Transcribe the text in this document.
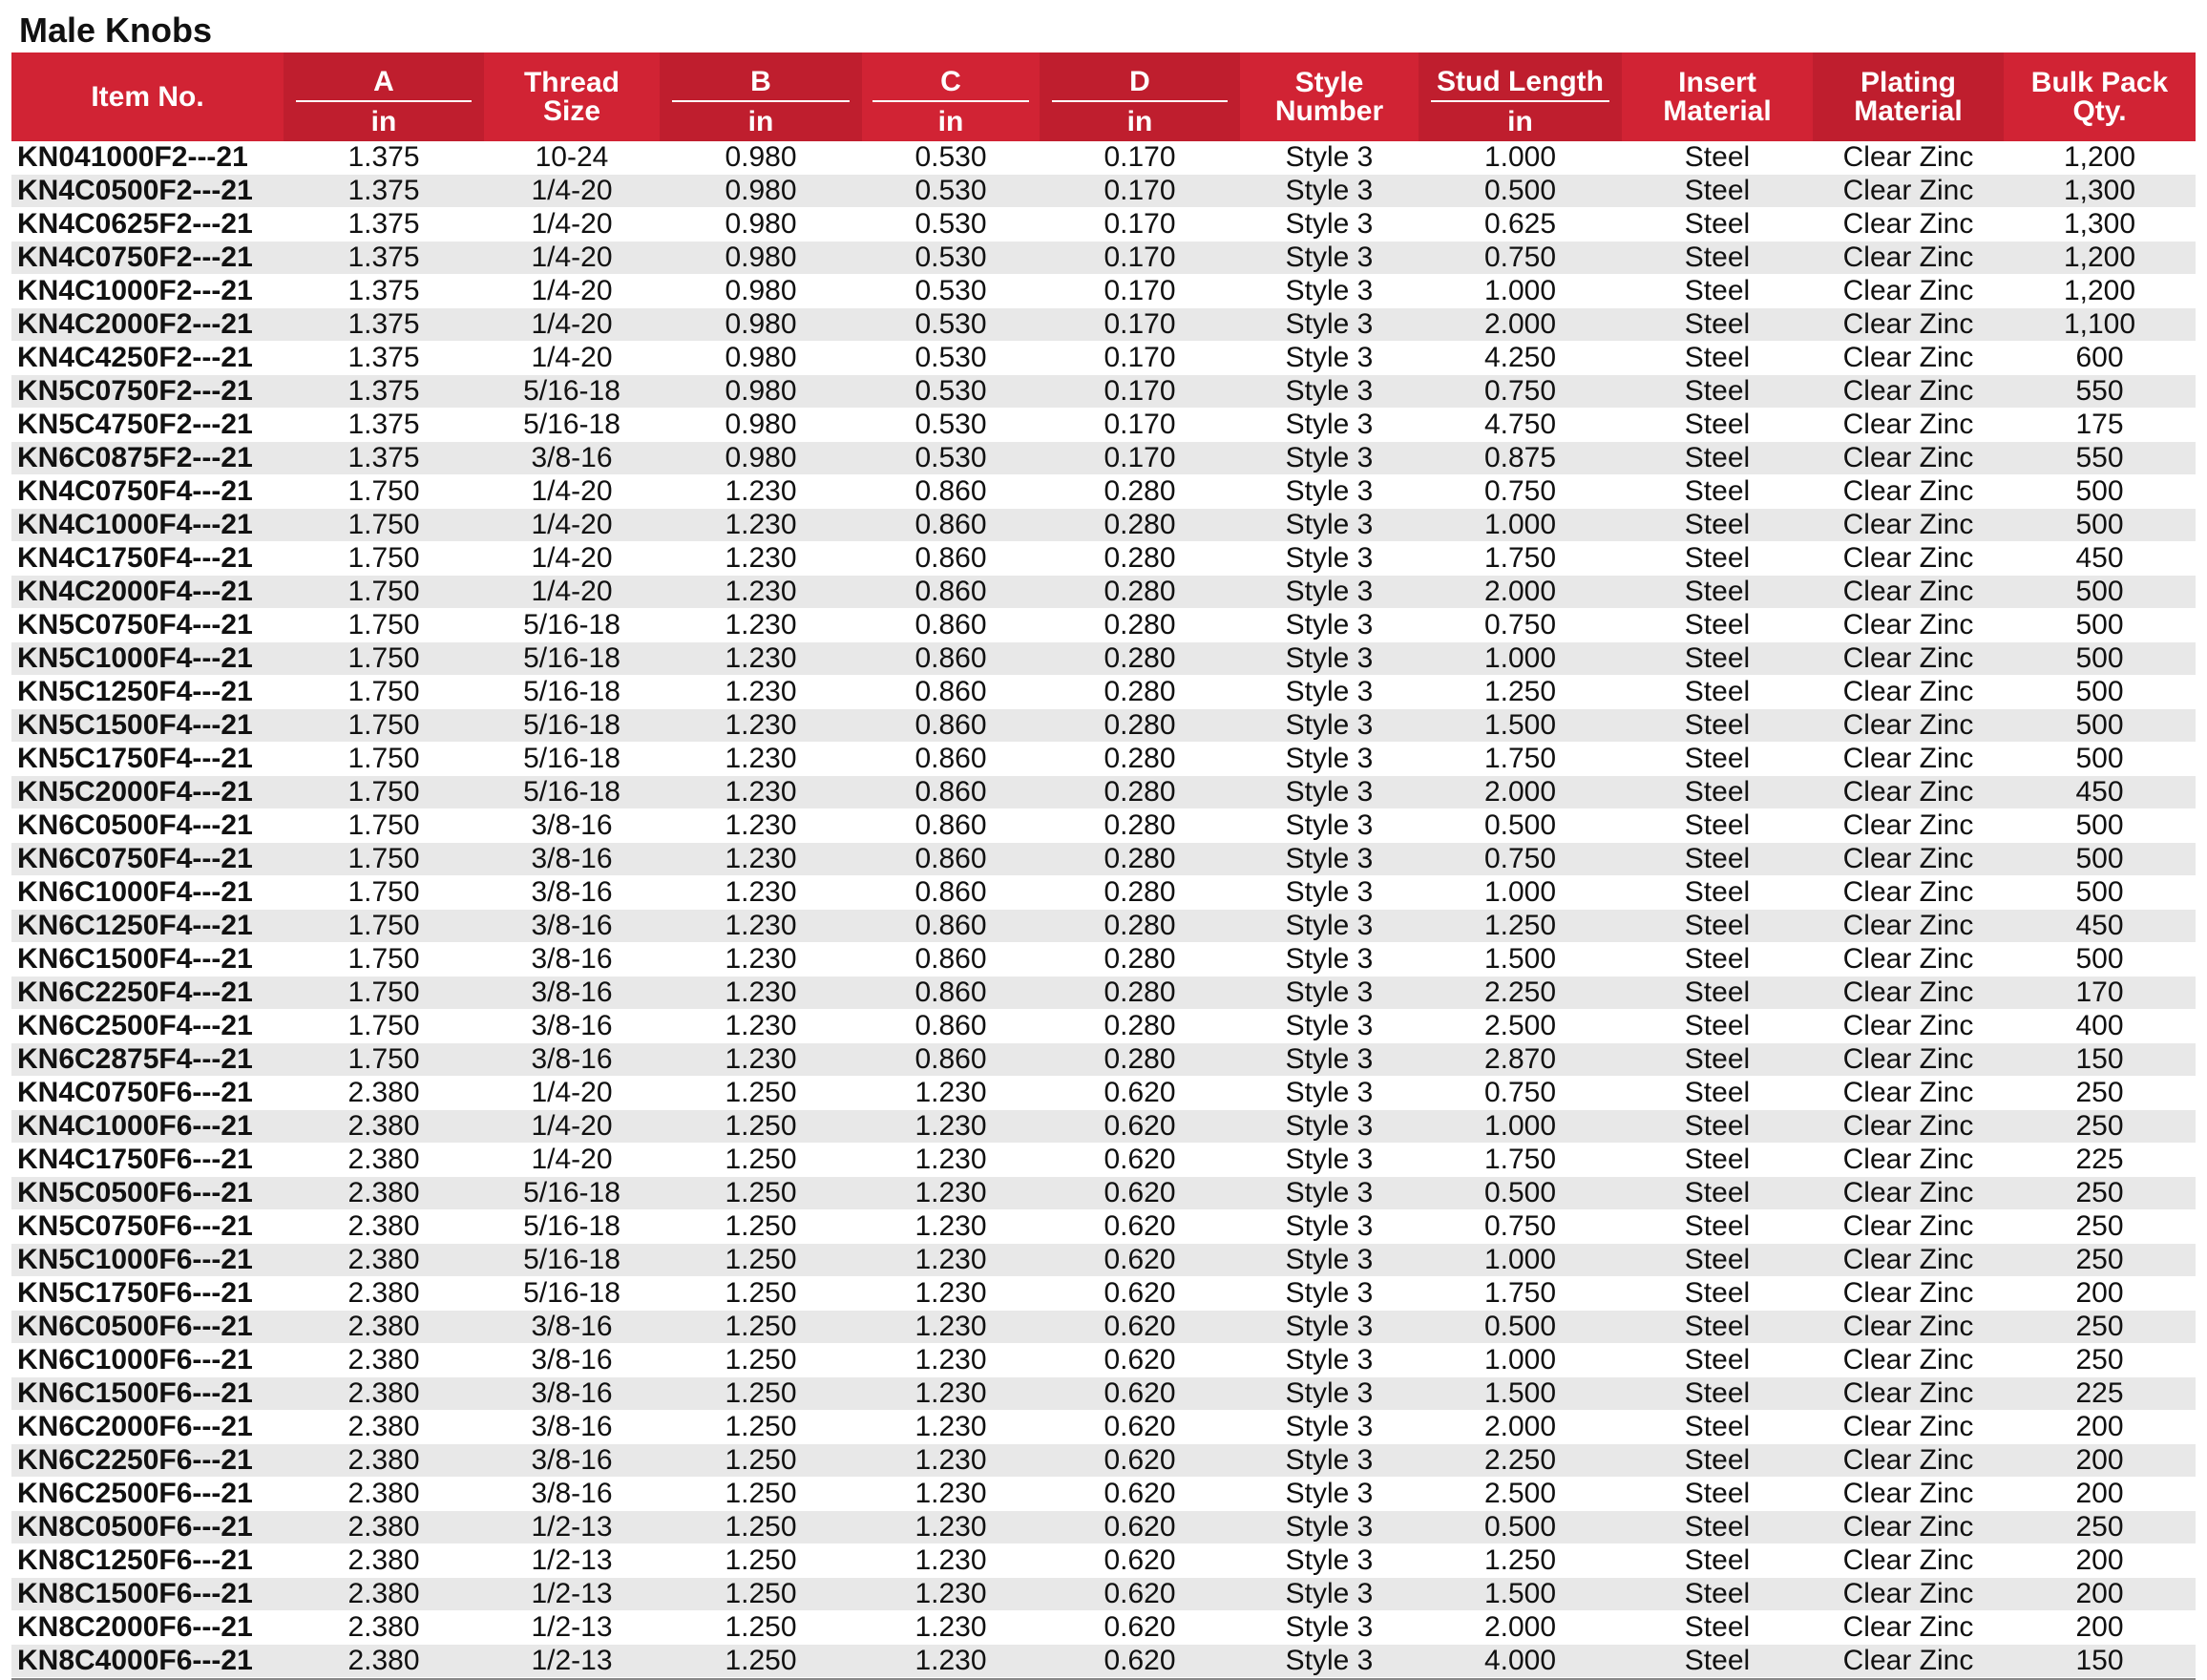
Male Knobs
Item No.	A	Thread Size	B	C	D	Style Number	Stud Length	Insert Material	Plating Material	Bulk Pack Qty.
	in		in	in	in		in			
KN041000F2---21	1.375	10-24	0.980	0.530	0.170	Style 3	1.000	Steel	Clear Zinc	1,200
KN4C0500F2---21	1.375	1/4-20	0.980	0.530	0.170	Style 3	0.500	Steel	Clear Zinc	1,300
KN4C0625F2---21	1.375	1/4-20	0.980	0.530	0.170	Style 3	0.625	Steel	Clear Zinc	1,300
KN4C0750F2---21	1.375	1/4-20	0.980	0.530	0.170	Style 3	0.750	Steel	Clear Zinc	1,200
KN4C1000F2---21	1.375	1/4-20	0.980	0.530	0.170	Style 3	1.000	Steel	Clear Zinc	1,200
KN4C2000F2---21	1.375	1/4-20	0.980	0.530	0.170	Style 3	2.000	Steel	Clear Zinc	1,100
KN4C4250F2---21	1.375	1/4-20	0.980	0.530	0.170	Style 3	4.250	Steel	Clear Zinc	600
KN5C0750F2---21	1.375	5/16-18	0.980	0.530	0.170	Style 3	0.750	Steel	Clear Zinc	550
KN5C4750F2---21	1.375	5/16-18	0.980	0.530	0.170	Style 3	4.750	Steel	Clear Zinc	175
KN6C0875F2---21	1.375	3/8-16	0.980	0.530	0.170	Style 3	0.875	Steel	Clear Zinc	550
KN4C0750F4---21	1.750	1/4-20	1.230	0.860	0.280	Style 3	0.750	Steel	Clear Zinc	500
KN4C1000F4---21	1.750	1/4-20	1.230	0.860	0.280	Style 3	1.000	Steel	Clear Zinc	500
KN4C1750F4---21	1.750	1/4-20	1.230	0.860	0.280	Style 3	1.750	Steel	Clear Zinc	450
KN4C2000F4---21	1.750	1/4-20	1.230	0.860	0.280	Style 3	2.000	Steel	Clear Zinc	500
KN5C0750F4---21	1.750	5/16-18	1.230	0.860	0.280	Style 3	0.750	Steel	Clear Zinc	500
KN5C1000F4---21	1.750	5/16-18	1.230	0.860	0.280	Style 3	1.000	Steel	Clear Zinc	500
KN5C1250F4---21	1.750	5/16-18	1.230	0.860	0.280	Style 3	1.250	Steel	Clear Zinc	500
KN5C1500F4---21	1.750	5/16-18	1.230	0.860	0.280	Style 3	1.500	Steel	Clear Zinc	500
KN5C1750F4---21	1.750	5/16-18	1.230	0.860	0.280	Style 3	1.750	Steel	Clear Zinc	500
KN5C2000F4---21	1.750	5/16-18	1.230	0.860	0.280	Style 3	2.000	Steel	Clear Zinc	450
KN6C0500F4---21	1.750	3/8-16	1.230	0.860	0.280	Style 3	0.500	Steel	Clear Zinc	500
KN6C0750F4---21	1.750	3/8-16	1.230	0.860	0.280	Style 3	0.750	Steel	Clear Zinc	500
KN6C1000F4---21	1.750	3/8-16	1.230	0.860	0.280	Style 3	1.000	Steel	Clear Zinc	500
KN6C1250F4---21	1.750	3/8-16	1.230	0.860	0.280	Style 3	1.250	Steel	Clear Zinc	450
KN6C1500F4---21	1.750	3/8-16	1.230	0.860	0.280	Style 3	1.500	Steel	Clear Zinc	500
KN6C2250F4---21	1.750	3/8-16	1.230	0.860	0.280	Style 3	2.250	Steel	Clear Zinc	170
KN6C2500F4---21	1.750	3/8-16	1.230	0.860	0.280	Style 3	2.500	Steel	Clear Zinc	400
KN6C2875F4---21	1.750	3/8-16	1.230	0.860	0.280	Style 3	2.870	Steel	Clear Zinc	150
KN4C0750F6---21	2.380	1/4-20	1.250	1.230	0.620	Style 3	0.750	Steel	Clear Zinc	250
KN4C1000F6---21	2.380	1/4-20	1.250	1.230	0.620	Style 3	1.000	Steel	Clear Zinc	250
KN4C1750F6---21	2.380	1/4-20	1.250	1.230	0.620	Style 3	1.750	Steel	Clear Zinc	225
KN5C0500F6---21	2.380	5/16-18	1.250	1.230	0.620	Style 3	0.500	Steel	Clear Zinc	250
KN5C0750F6---21	2.380	5/16-18	1.250	1.230	0.620	Style 3	0.750	Steel	Clear Zinc	250
KN5C1000F6---21	2.380	5/16-18	1.250	1.230	0.620	Style 3	1.000	Steel	Clear Zinc	250
KN5C1750F6---21	2.380	5/16-18	1.250	1.230	0.620	Style 3	1.750	Steel	Clear Zinc	200
KN6C0500F6---21	2.380	3/8-16	1.250	1.230	0.620	Style 3	0.500	Steel	Clear Zinc	250
KN6C1000F6---21	2.380	3/8-16	1.250	1.230	0.620	Style 3	1.000	Steel	Clear Zinc	250
KN6C1500F6---21	2.380	3/8-16	1.250	1.230	0.620	Style 3	1.500	Steel	Clear Zinc	225
KN6C2000F6---21	2.380	3/8-16	1.250	1.230	0.620	Style 3	2.000	Steel	Clear Zinc	200
KN6C2250F6---21	2.380	3/8-16	1.250	1.230	0.620	Style 3	2.250	Steel	Clear Zinc	200
KN6C2500F6---21	2.380	3/8-16	1.250	1.230	0.620	Style 3	2.500	Steel	Clear Zinc	200
KN8C0500F6---21	2.380	1/2-13	1.250	1.230	0.620	Style 3	0.500	Steel	Clear Zinc	250
KN8C1250F6---21	2.380	1/2-13	1.250	1.230	0.620	Style 3	1.250	Steel	Clear Zinc	200
KN8C1500F6---21	2.380	1/2-13	1.250	1.230	0.620	Style 3	1.500	Steel	Clear Zinc	200
KN8C2000F6---21	2.380	1/2-13	1.250	1.230	0.620	Style 3	2.000	Steel	Clear Zinc	200
KN8C4000F6---21	2.380	1/2-13	1.250	1.230	0.620	Style 3	4.000	Steel	Clear Zinc	150
